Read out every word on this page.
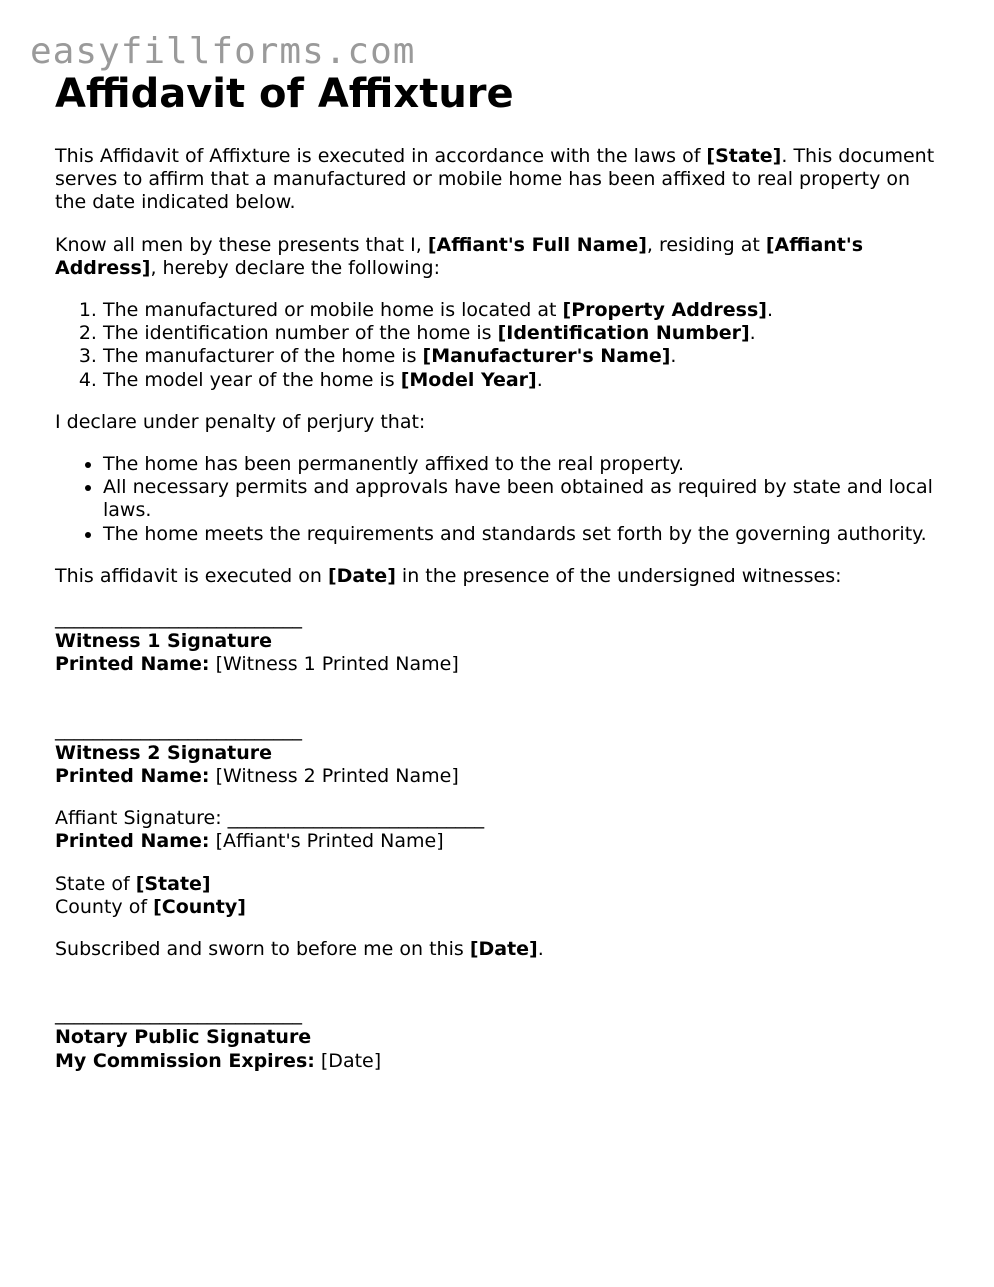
easyfillforms.com
Affidavit of Affixture

This Affidavit of Affixture is executed in accordance with the laws of [State]. This document serves to affirm that a manufactured or mobile home has been affixed to real property on the date indicated below.

Know all men by these presents that I, [Affiant's Full Name], residing at [Affiant's Address], hereby declare the following:

1. The manufactured or mobile home is located at [Property Address].
2. The identification number of the home is [Identification Number].
3. The manufacturer of the home is [Manufacturer's Name].
4. The model year of the home is [Model Year].

I declare under penalty of perjury that:

• The home has been permanently affixed to the real property.
• All necessary permits and approvals have been obtained as required by state and local laws.
• The home meets the requirements and standards set forth by the governing authority.

This affidavit is executed on [Date] in the presence of the undersigned witnesses:

__________________________
Witness 1 Signature
Printed Name: [Witness 1 Printed Name]
__________________________
Witness 2 Signature
Printed Name: [Witness 2 Printed Name]
Affiant Signature: ___________________________
Printed Name: [Affiant's Printed Name]
State of [State]
County of [County]

Subscribed and sworn to before me on this [Date].

__________________________
Notary Public Signature
My Commission Expires: [Date]
